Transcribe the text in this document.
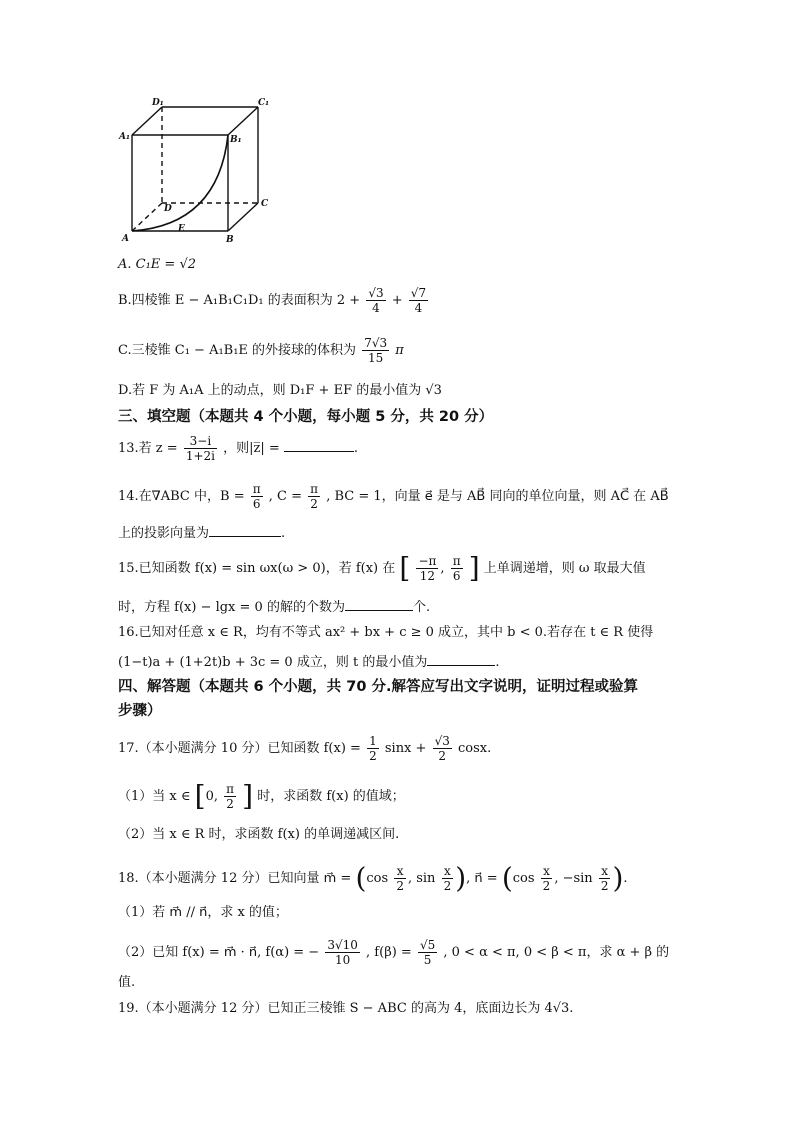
D₁	C₁
A₁	B₁
D	C
A
E
B
A. C₁E = √2
B.四棱锥 E − A₁B₁C₁D₁ 的表面积为 $2 + \frac{√3}{4} + \frac{√7}{4}$
C.三棱锥 C₁ − A₁B₁E 的外接球的体积为 $\frac{7√3}{15}$ π
D.若 F 为 A₁A 上的动点，则 D₁F + EF 的最小值为 √3
三、填空题（本题共 4 个小题，每小题 5 分，共 20 分）
13.若 $z = \frac{3-i}{1+2i}$ ，则|z̅| =	.
14.在∇ABC 中，$B = \frac{\pi}{6}$ , $C = \frac{\pi}{2}$ , BC = 1，向量 e⃗ 是与 AB⃗ 同向的单位向量，则 AC⃗ 在 AB⃗
上的投影向量为	.
15.已知函数 f(x) = sin ωx(ω > 0)，若 f(x) 在 [ $\frac{-\pi}{12}$ , $\frac{\pi}{6}$ ] 上单调递增，则 ω 取最大值
时，方程 f(x) − lgx = 0 的解的个数为	个.
16.已知对任意 x ∈ R，均有不等式 ax² + bx + c ≥ 0 成立，其中 b < 0.若存在 t ∈ R 使得
(1−t)a + (1+2t)b + 3c = 0 成立，则 t 的最小值为	.
四、解答题（本题共 6 个小题，共 70 分.解答应写出文字说明，证明过程或验算
步骤）
17.（本小题满分 10 分）已知函数 $f(x) = \frac{1}{2}$ $\sin x + \frac{√3}{2} \cos x$.
（1）当 x ∈ [0, $\frac{\pi}{2}$ ] 时，求函数 f(x) 的值域；
（2）当 x ∈ R 时，求函数 f(x) 的单调递减区间.
18.（本小题满分 12 分）已知向量 m⃗ = ($\cos \frac{x}{2}$ , $\sin \frac{x}{2}$ ), n⃗ = ($\cos \frac{x}{2}$ , $-\sin \frac{x}{2}$ ).
（1）若 m⃗ ∕∕ n⃗，求 x 的值；
（2）已知 f(x) = m⃗ · n⃗, f(α) = − $\frac{3√10}{10}$ , $f(\beta) = \frac{√5}{5}$ , 0 < α < π, 0 < β < π，求 α + β 的
值.
19.（本小题满分 12 分）已知正三棱锥 S − ABC 的高为 4，底面边长为 4√3.
